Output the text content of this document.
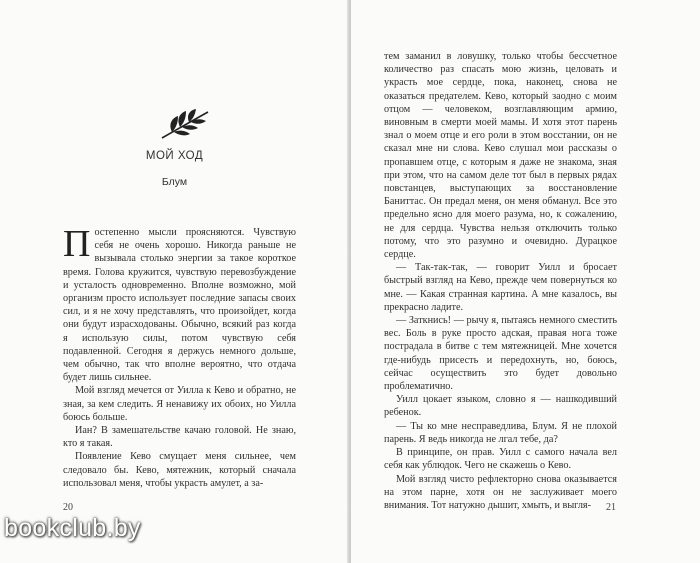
МОЙ ХОД
Блум

Постепенно мысли проясняются. Чувствую себя не очень хорошо. Никогда раньше не вызывала столько энергии за такое короткое время. Голова кружится, чувствую перевозбуждение и усталость одновременно. Вполне возможно, мой организм просто использует последние запасы своих сил, и я не хочу представлять, что произойдет, когда они будут израсходованы. Обычно, всякий раз когда я использую силы, потом чувствую себя подавленной. Сегодня я держусь немного дольше, чем обычно, так что вполне вероятно, что отдача будет лишь сильнее.

Мой взгляд мечется от Уилла к Кево и обратно, не зная, за кем следить. Я ненавижу их обоих, но Уилла боюсь больше.

Иан? В замешательстве качаю головой. Не знаю, кто я такая.

Появление Кево смущает меня сильнее, чем следовало бы. Кево, мятежник, который сначала использовал меня, чтобы украсть амулет, а за-

20

тем заманил в ловушку, только чтобы бессчетное количество раз спасать мою жизнь, целовать и украсть мое сердце, пока, наконец, снова не оказаться предателем. Кево, который заодно с моим отцом — человеком, возглавляющим армию, виновным в смерти моей мамы. И хотя этот парень знал о моем отце и его роли в этом восстании, он не сказал мне ни слова. Кево слушал мои рассказы о пропавшем отце, с которым я даже не знакома, зная при этом, что на самом деле тот был в первых рядах повстанцев, выступающих за восстановление Баниттас. Он предал меня, он меня обманул. Все это предельно ясно для моего разума, но, к сожалению, не для сердца. Чувства нельзя отключить только потому, что это разумно и очевидно. Дурацкое сердце.

— Так-так-так, — говорит Уилл и бросает быстрый взгляд на Кево, прежде чем повернуться ко мне. — Какая странная картина. А мне казалось, вы прекрасно ладите.

— Заткнись! — рычу я, пытаясь немного сместить вес. Боль в руке просто адская, правая нога тоже пострадала в битве с тем мятежницей. Мне хочется где-нибудь присесть и передохнуть, но, боюсь, сейчас осуществить это будет довольно проблематично.

Уилл цокает языком, словно я — нашкодивший ребенок.

— Ты ко мне несправедлива, Блум. Я не плохой парень. Я ведь никогда не лгал тебе, да?

В принципе, он прав. Уилл с самого начала вел себя как ублюдок. Чего не скажешь о Кево.

Мой взгляд чисто рефлекторно снова оказывается на этом парне, хотя он не заслуживает моего внимания. Тот натужно дышит, хмыть, и выгля-	21
bookclub.by
